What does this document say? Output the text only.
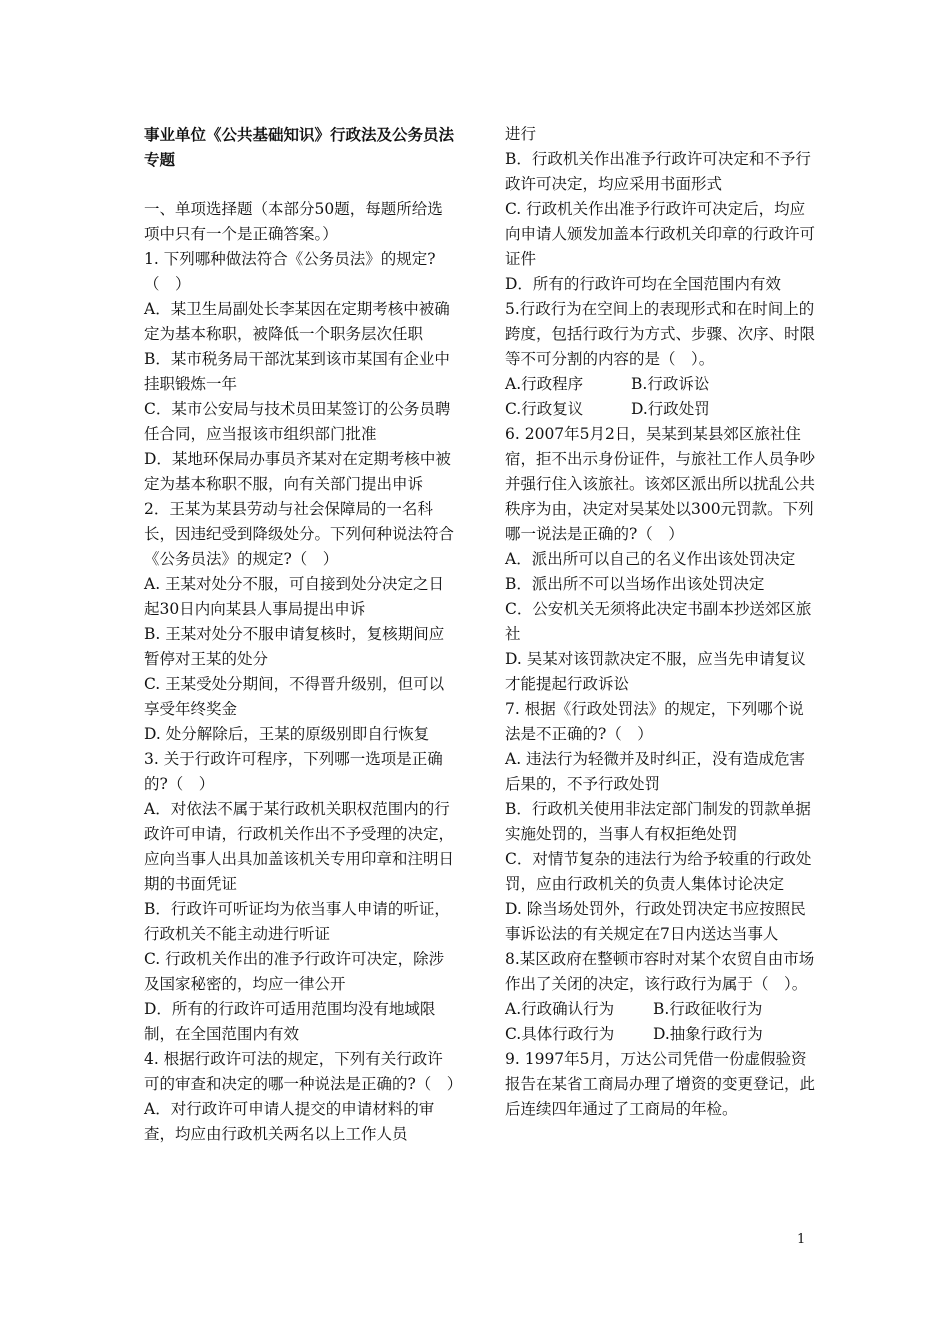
事业单位《公共基础知识》行政法及公务员法专题

一、单项选择题（本部分50题，每题所给选项中只有一个是正确答案。）

1. 下列哪种做法符合《公务员法》的规定? （　）

A．某卫生局副处长李某因在定期考核中被确定为基本称职，被降低一个职务层次任职

B．某市税务局干部沈某到该市某国有企业中挂职锻炼一年

C．某市公安局与技术员田某签订的公务员聘任合同，应当报该市组织部门批准

D．某地环保局办事员齐某对在定期考核中被定为基本称职不服，向有关部门提出申诉

2．王某为某县劳动与社会保障局的一名科长，因违纪受到降级处分。下列何种说法符合《公务员法》的规定?（　）

A. 王某对处分不服，可自接到处分决定之日起30日内向某县人事局提出申诉

B. 王某对处分不服申请复核时，复核期间应暂停对王某的处分

C. 王某受处分期间，不得晋升级别，但可以享受年终奖金

D. 处分解除后，王某的原级别即自行恢复

3. 关于行政许可程序，下列哪一选项是正确的?（　）

A．对依法不属于某行政机关职权范围内的行政许可申请，行政机关作出不予受理的决定，应向当事人出具加盖该机关专用印章和注明日期的书面凭证

B．行政许可听证均为依当事人申请的听证，行政机关不能主动进行听证

C. 行政机关作出的准予行政许可决定，除涉及国家秘密的，均应一律公开

D．所有的行政许可适用范围均没有地域限制，在全国范围内有效

4. 根据行政许可法的规定，下列有关行政许可的审查和决定的哪一种说法是正确的?（　）

A．对行政许可申请人提交的申请材料的审查，均应由行政机关两名以上工作人员

进行

B．行政机关作出准予行政许可决定和不予行政许可决定，均应采用书面形式

C. 行政机关作出准予行政许可决定后，均应向申请人颁发加盖本行政机关印章的行政许可证件

D．所有的行政许可均在全国范围内有效

5.行政行为在空间上的表现形式和在时间上的跨度，包括行政行为方式、步骤、次序、时限等不可分割的内容的是（　）。

A.行政程序	B.行政诉讼
C.行政复议	D.行政处罚

6. 2007年5月2日，吴某到某县郊区旅社住宿，拒不出示身份证件，与旅社工作人员争吵并强行住入该旅社。该郊区派出所以扰乱公共秩序为由，决定对吴某处以300元罚款。下列哪一说法是正确的?（　）

A．派出所可以自己的名义作出该处罚决定

B．派出所不可以当场作出该处罚决定

C．公安机关无须将此决定书副本抄送郊区旅社

D. 吴某对该罚款决定不服，应当先申请复议才能提起行政诉讼

7. 根据《行政处罚法》的规定，下列哪个说法是不正确的?（　）

A. 违法行为轻微并及时纠正，没有造成危害后果的，不予行政处罚

B．行政机关使用非法定部门制发的罚款单据实施处罚的，当事人有权拒绝处罚

C．对情节复杂的违法行为给予较重的行政处罚，应由行政机关的负责人集体讨论决定

D. 除当场处罚外，行政处罚决定书应按照民事诉讼法的有关规定在7日内送达当事人

8.某区政府在整顿市容时对某个农贸自由市场作出了关闭的决定，该行政行为属于（　）。

A.行政确认行为	B.行政征收行为
C.具体行政行为	D.抽象行政行为

9. 1997年5月，万达公司凭借一份虚假验资报告在某省工商局办理了增资的变更登记，此后连续四年通过了工商局的年检。

1
